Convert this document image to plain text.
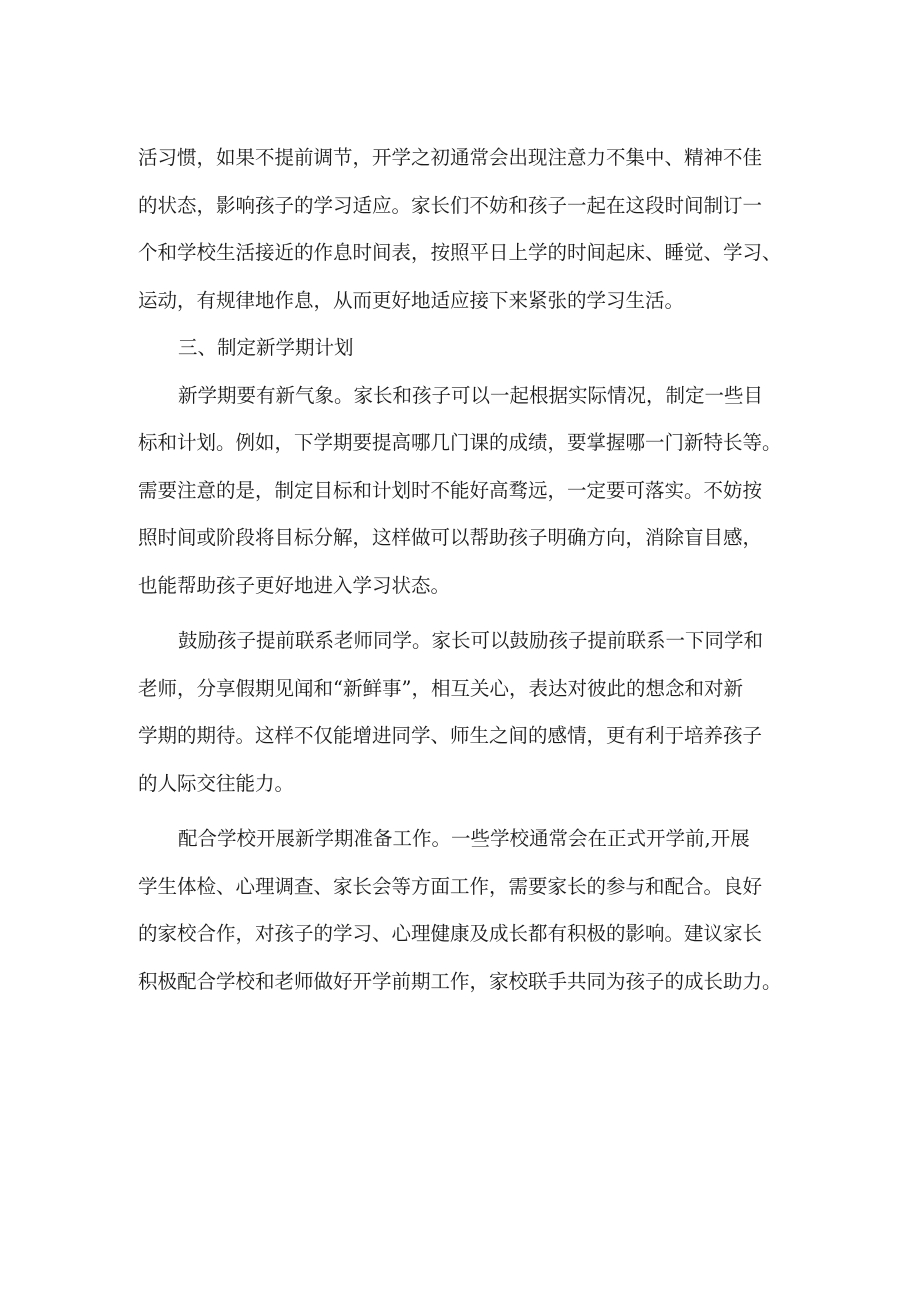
活习惯，如果不提前调节，开学之初通常会出现注意力不集中、精神不佳
的状态，影响孩子的学习适应。家长们不妨和孩子一起在这段时间制订一
个和学校生活接近的作息时间表，按照平日上学的时间起床、睡觉、学习、
运动，有规律地作息，从而更好地适应接下来紧张的学习生活。

三、制定新学期计划

新学期要有新气象。家长和孩子可以一起根据实际情况，制定一些目
标和计划。例如，下学期要提高哪几门课的成绩，要掌握哪一门新特长等。
需要注意的是，制定目标和计划时不能好高骛远，一定要可落实。不妨按
照时间或阶段将目标分解，这样做可以帮助孩子明确方向，消除盲目感，
也能帮助孩子更好地进入学习状态。

鼓励孩子提前联系老师同学。家长可以鼓励孩子提前联系一下同学和
老师，分享假期见闻和“新鲜事”，相互关心，表达对彼此的想念和对新
学期的期待。这样不仅能增进同学、师生之间的感情，更有利于培养孩子
的人际交往能力。

配合学校开展新学期准备工作。一些学校通常会在正式开学前,开展
学生体检、心理调查、家长会等方面工作，需要家长的参与和配合。良好
的家校合作，对孩子的学习、心理健康及成长都有积极的影响。建议家长
积极配合学校和老师做好开学前期工作，家校联手共同为孩子的成长助力。
